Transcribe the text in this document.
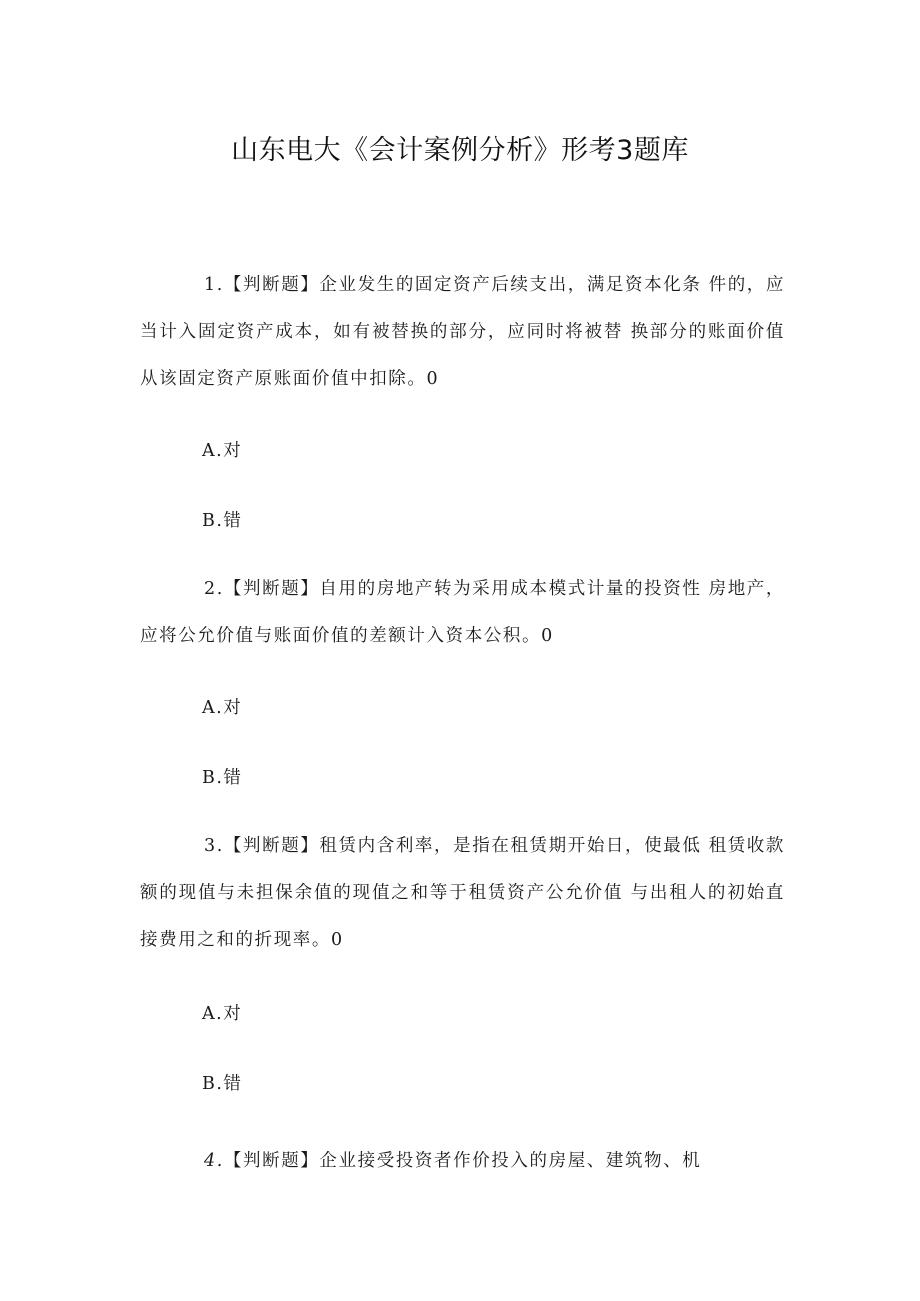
山东电大《会计案例分析》形考3题库
1.【判断题】企业发生的固定资产后续支出，满足资本化条 件的，应当计入固定资产成本，如有被替换的部分，应同时将被替 换部分的账面价值从该固定资产原账面价值中扣除。0
A.对
B.错
2.【判断题】自用的房地产转为采用成本模式计量的投资性 房地产，应将公允价值与账面价值的差额计入资本公积。0
A.对
B.错
3.【判断题】租赁内含利率，是指在租赁期开始日，使最低 租赁收款额的现值与未担保余值的现值之和等于租赁资产公允价值 与出租人的初始直接费用之和的折现率。0
A.对
B.错
4.【判断题】企业接受投资者作价投入的房屋、建筑物、机
